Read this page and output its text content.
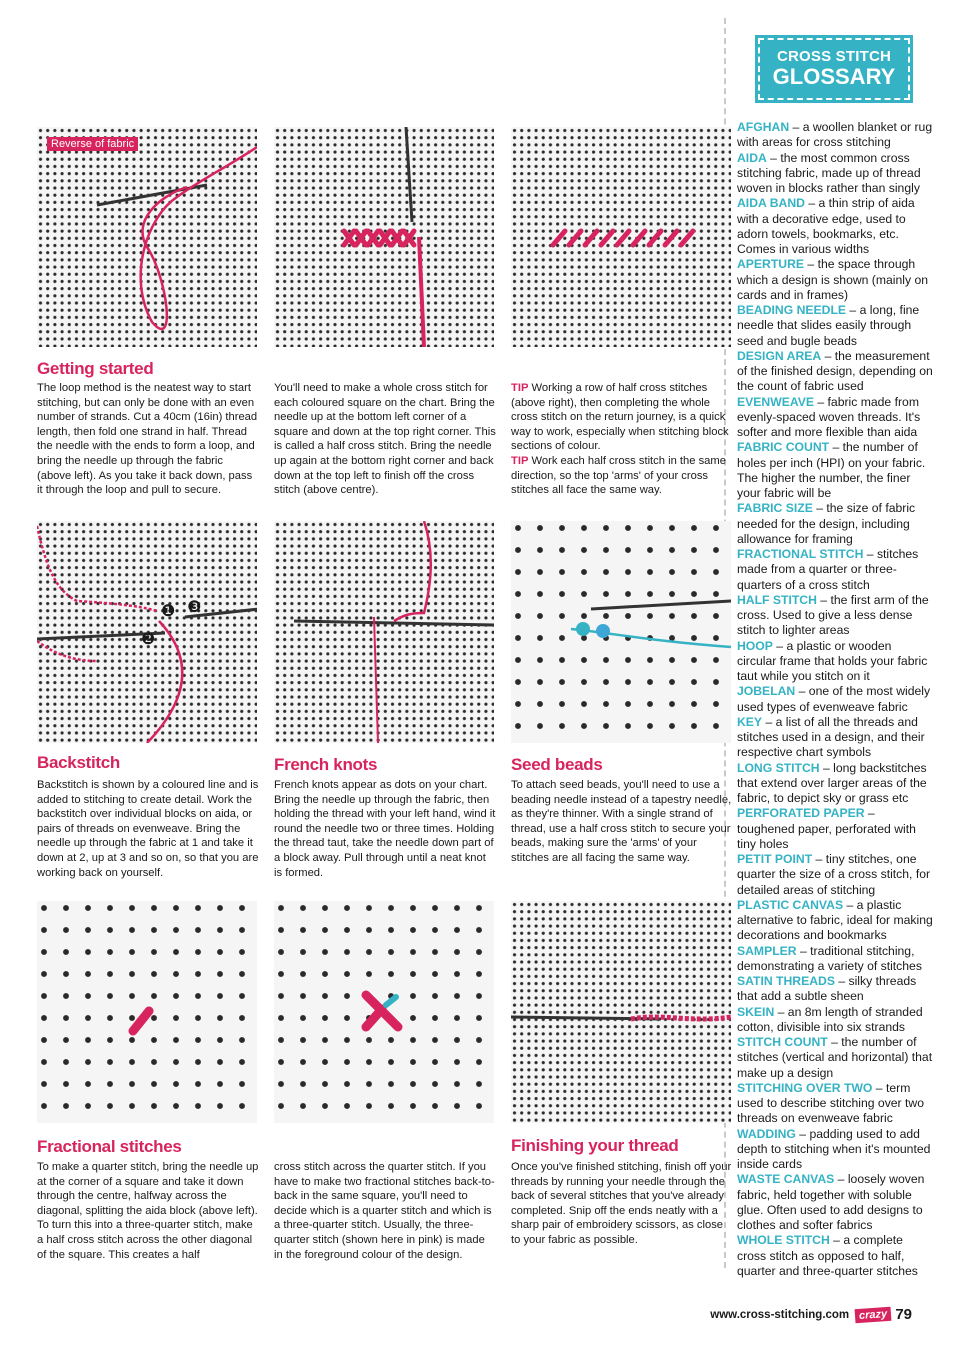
CROSS STITCH
GLOSSARY

AFGHAN – a woollen blanket or rug with areas for cross stitching

AIDA – the most common cross stitching fabric, made up of thread woven in blocks rather than singly

AIDA BAND – a thin strip of aida with a decorative edge, used to adorn towels, bookmarks, etc. Comes in various widths

APERTURE – the space through which a design is shown (mainly on cards and in frames)

BEADING NEEDLE – a long, fine needle that slides easily through seed and bugle beads

DESIGN AREA – the measurement of the finished design, depending on the count of fabric used

EVENWEAVE – fabric made from evenly-spaced woven threads. It's softer and more flexible than aida

FABRIC COUNT – the number of holes per inch (HPI) on your fabric. The higher the number, the finer your fabric will be

FABRIC SIZE – the size of fabric needed for the design, including allowance for framing

FRACTIONAL STITCH – stitches made from a quarter or three-quarters of a cross stitch

HALF STITCH – the first arm of the cross. Used to give a less dense stitch to lighter areas

HOOP – a plastic or wooden circular frame that holds your fabric taut while you stitch on it

JOBELAN – one of the most widely used types of evenweave fabric

KEY – a list of all the threads and stitches used in a design, and their respective chart symbols

LONG STITCH – long backstitches that extend over larger areas of the fabric, to depict sky or grass etc

PERFORATED PAPER – toughened paper, perforated with tiny holes

PETIT POINT – tiny stitches, one quarter the size of a cross stitch, for detailed areas of stitching

PLASTIC CANVAS – a plastic alternative to fabric, ideal for making decorations and bookmarks

SAMPLER – traditional stitching, demonstrating a variety of stitches

SATIN THREADS – silky threads that add a subtle sheen

SKEIN – an 8m length of stranded cotton, divisible into six strands

STITCH COUNT – the number of stitches (vertical and horizontal) that make up a design

STITCHING OVER TWO – term used to describe stitching over two threads on evenweave fabric

WADDING – padding used to add depth to stitching when it's mounted inside cards

WASTE CANVAS – loosely woven fabric, held together with soluble glue. Often used to add designs to clothes and softer fabrics

WHOLE STITCH – a complete cross stitch as opposed to half, quarter and three-quarter stitches

Reverse of fabric
Getting started

The loop method is the neatest way to start stitching, but can only be done with an even number of strands. Cut a 40cm (16in) thread length, then fold one strand in half. Thread the needle with the ends to form a loop, and bring the needle up through the fabric (above left). As you take it back down, pass it through the loop and pull to secure.

You'll need to make a whole cross stitch for each coloured square on the chart. Bring the needle up at the bottom left corner of a square and down at the top right corner. This is called a half cross stitch. Bring the needle up again at the bottom right corner and back down at the top left to finish off the cross stitch (above centre).

TIP Working a row of half cross stitches (above right), then completing the whole cross stitch on the return journey, is a quick way to work, especially when stitching block sections of colour.
TIP Work each half cross stitch in the same direction, so the top 'arms' of your cross stitches all face the same way.
❶
❷
❸
Backstitch

Backstitch is shown by a coloured line and is added to stitching to create detail. Work the backstitch over individual blocks on aida, or pairs of threads on evenweave. Bring the needle up through the fabric at 1 and take it down at 2, up at 3 and so on, so that you are working back on yourself.

French knots

French knots appear as dots on your chart. Bring the needle up through the fabric, then holding the thread with your left hand, wind it round the needle two or three times. Holding the thread taut, take the needle down part of a block away. Pull through until a neat knot is formed.

Seed beads

To attach seed beads, you'll need to use a beading needle instead of a tapestry needle, as they're thinner. With a single strand of thread, use a half cross stitch to secure your beads, making sure the 'arms' of your stitches are all facing the same way.

Fractional stitches

To make a quarter stitch, bring the needle up at the corner of a square and take it down through the centre, halfway across the diagonal, splitting the aida block (above left). To turn this into a three-quarter stitch, make a half cross stitch across the other diagonal of the square. This creates a half

cross stitch across the quarter stitch. If you have to make two fractional stitches back-to-back in the same square, you'll need to decide which is a quarter stitch and which is a three-quarter stitch. Usually, the three-quarter stitch (shown here in pink) is made in the foreground colour of the design.

Finishing your thread

Once you've finished stitching, finish off your threads by running your needle through the back of several stitches that you've already completed. Snip off the ends neatly with a sharp pair of embroidery scissors, as close to your fabric as possible.

www.cross-stitching.com crazy 79
